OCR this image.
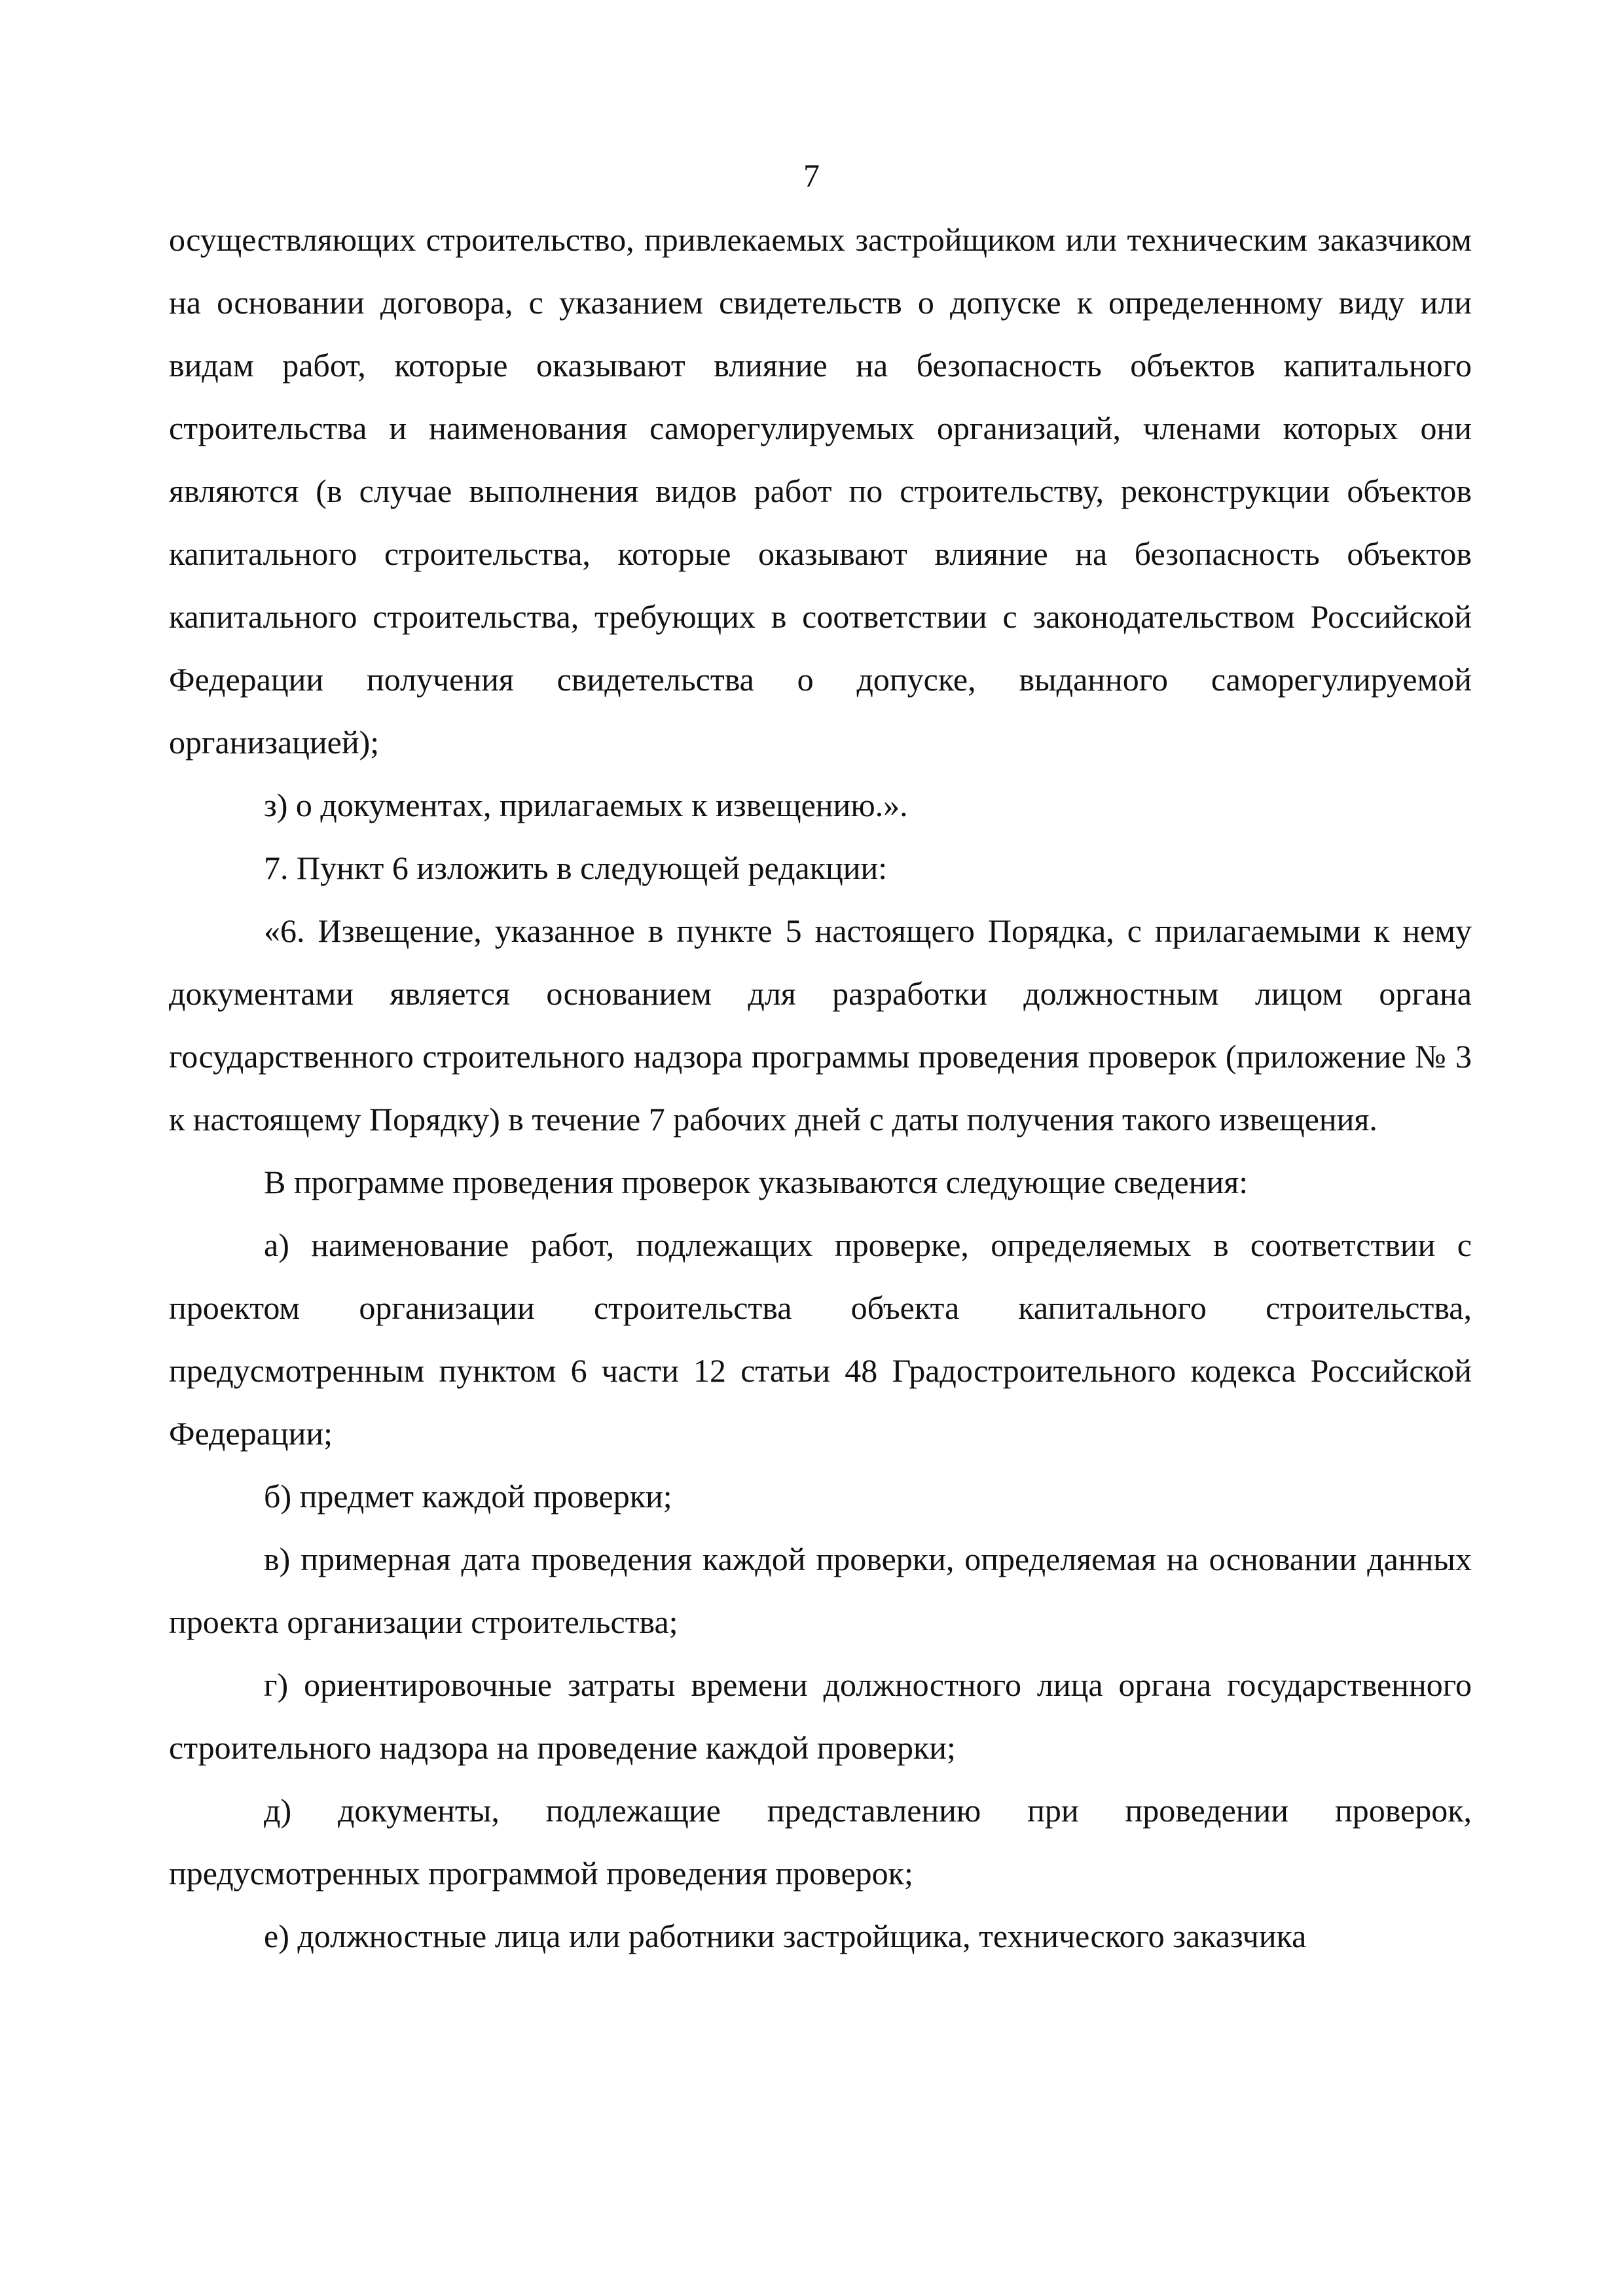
7

осуществляющих строительство, привлекаемых застройщиком или техническим заказчиком на основании договора, с указанием свидетельств о допуске к определенному виду или видам работ, которые оказывают влияние на безопасность объектов капитального строительства и наименования саморегулируемых организаций, членами которых они являются (в случае выполнения видов работ по строительству, реконструкции объектов капитального строительства, которые оказывают влияние на безопасность объектов капитального строительства, требующих в соответствии с законодательством Российской Федерации получения свидетельства о допуске, выданного саморегулируемой организацией);

з) о документах, прилагаемых к извещению.».

7. Пункт 6 изложить в следующей редакции:

«6. Извещение, указанное в пункте 5 настоящего Порядка, с прилагаемыми к нему документами является основанием для разработки должностным лицом органа государственного строительного надзора программы проведения проверок (приложение № 3 к настоящему Порядку) в течение 7 рабочих дней с даты получения такого извещения.

В программе проведения проверок указываются следующие сведения:

а) наименование работ, подлежащих проверке, определяемых в соответствии с проектом организации строительства объекта капитального строительства, предусмотренным пунктом 6 части 12 статьи 48 Градостроительного кодекса Российской Федерации;

б) предмет каждой проверки;

в) примерная дата проведения каждой проверки, определяемая на основании данных проекта организации строительства;

г) ориентировочные затраты времени должностного лица органа государственного строительного надзора на проведение каждой проверки;

д) документы, подлежащие представлению при проведении проверок, предусмотренных программой проведения проверок;

е) должностные лица или работники застройщика, технического заказчика
